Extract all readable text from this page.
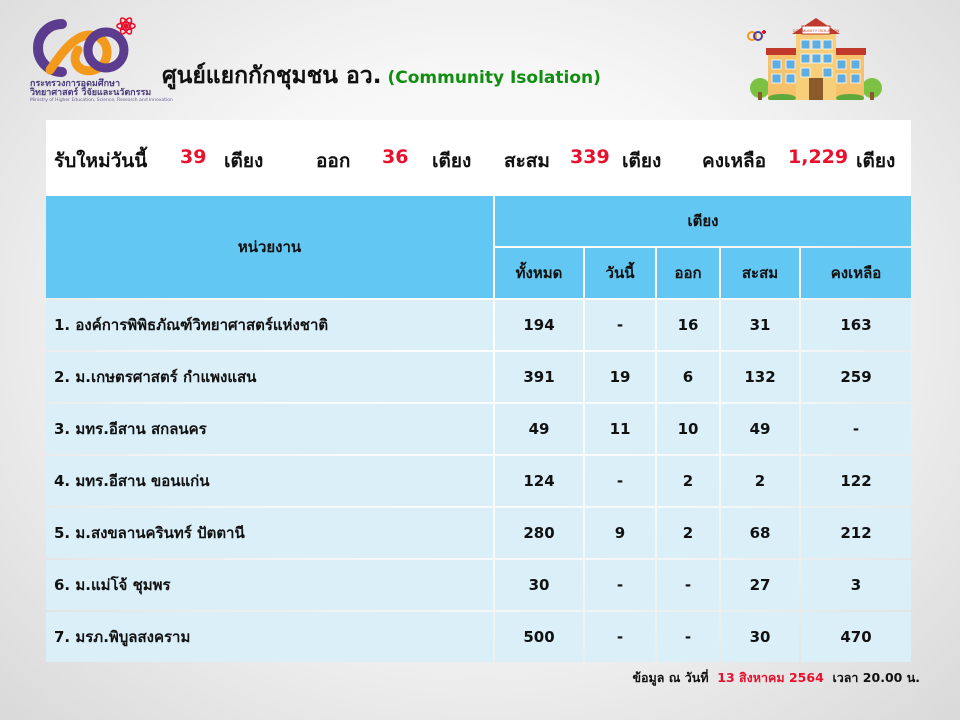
กระทรวงการอุดมศึกษา
วิทยาศาสตร์ วิจัยและนวัตกรรม
Ministry of Higher Education, Science, Research and Innovation
ศูนย์แยกกักชุมชน อว. (Community Isolation)
COMMUNITY ISOLATION
รับใหม่วันนี้ 39 เตียง	ออก 36 เตียง สะสม 339 เตียง คงเหลือ 1,229 เตียง
หน่วยงาน
เตียง
ทั้งหมด	วันนี้	ออก	สะสม	คงเหลือ
1. องค์การพิพิธภัณฑ์วิทยาศาสตร์แห่งชาติ	194	-	16	31	163
2. ม.เกษตรศาสตร์ กำแพงแสน	391	19	6	132	259
3. มทร.อีสาน สกลนคร	49	11	10	49	-
4. มทร.อีสาน ขอนแก่น	124	-	2	2	122
5. ม.สงขลานครินทร์ ปัตตานี	280	9	2	68	212
6. ม.แม่โจ้ ชุมพร	30	-	-	27	3
7. มรภ.พิบูลสงคราม	500	-	-	30	470
ข้อมูล ณ วันที่ 13 สิงหาคม 2564 เวลา 20.00 น.
